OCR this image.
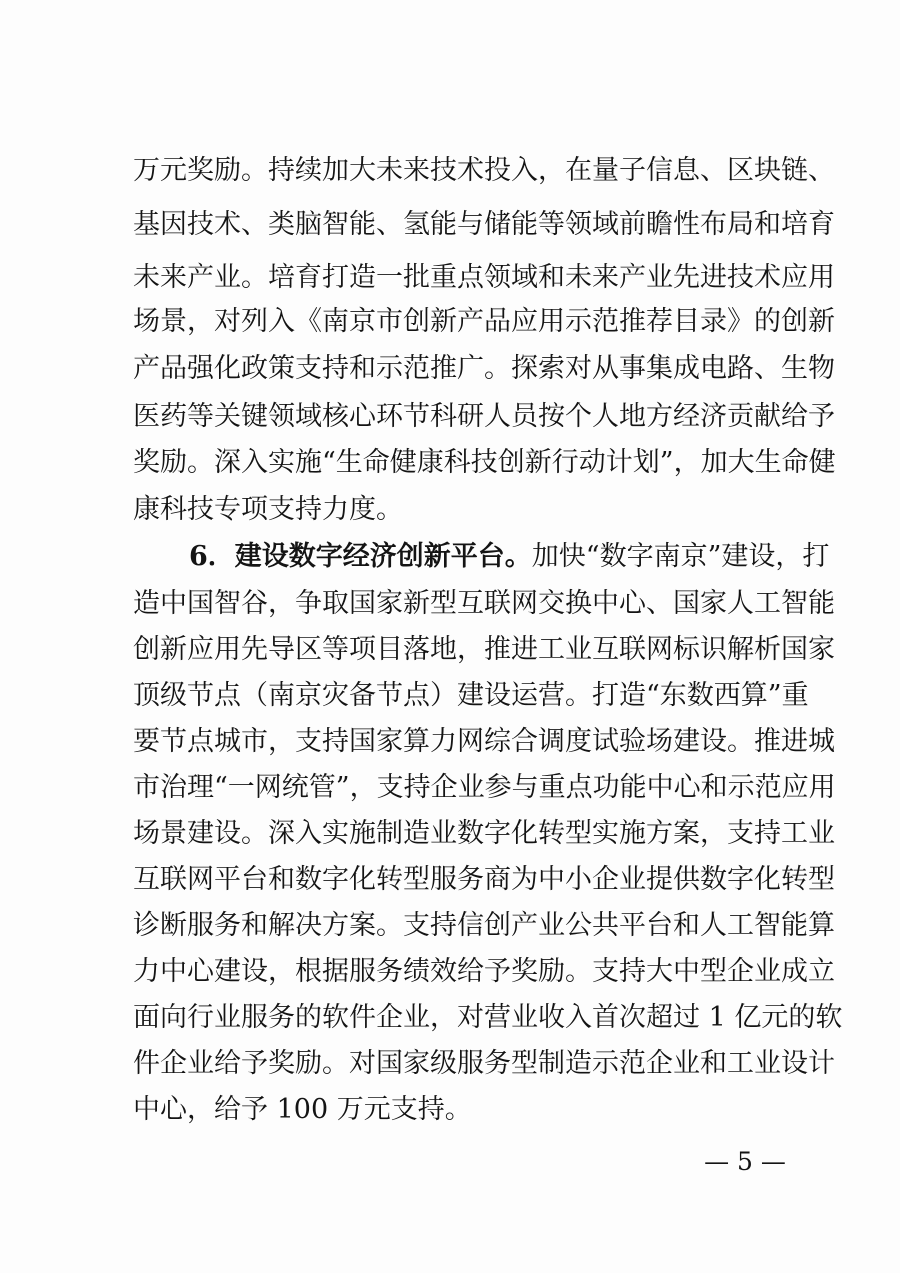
万元奖励。持续加大未来技术投入，在量子信息、区块链、
基因技术、类脑智能、氢能与储能等领域前瞻性布局和培育
未来产业。培育打造一批重点领域和未来产业先进技术应用
场景，对列入《南京市创新产品应用示范推荐目录》的创新
产品强化政策支持和示范推广。探索对从事集成电路、生物
医药等关键领域核心环节科研人员按个人地方经济贡献给予
奖励。深入实施“生命健康科技创新行动计划”，加大生命健
康科技专项支持力度。
6．建设数字经济创新平台。 加快“数字南京”建设，打
造中国智谷，争取国家新型互联网交换中心、国家人工智能
创新应用先导区等项目落地，推进工业互联网标识解析国家
顶级节点（南京灾备节点）建设运营。打造“东数西算”重
要节点城市，支持国家算力网综合调度试验场建设。推进城
市治理“一网统管”，支持企业参与重点功能中心和示范应用
场景建设。深入实施制造业数字化转型实施方案，支持工业
互联网平台和数字化转型服务商为中小企业提供数字化转型
诊断服务和解决方案。支持信创产业公共平台和人工智能算
力中心建设，根据服务绩效给予奖励。支持大中型企业成立
面向行业服务的软件企业，对营业收入首次超过 1 亿元的软
件企业给予奖励。对国家级服务型制造示范企业和工业设计
中心，给予 100 万元支持。
— 5 —
